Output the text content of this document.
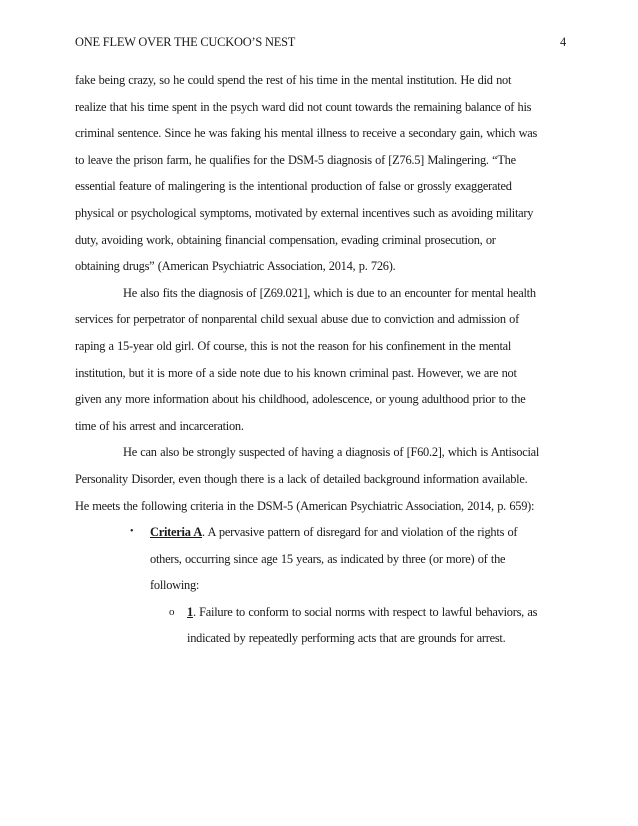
ONE FLEW OVER THE CUCKOO’S NEST	4
fake being crazy, so he could spend the rest of his time in the mental institution. He did not
realize that his time spent in the psych ward did not count towards the remaining balance of his
criminal sentence. Since he was faking his mental illness to receive a secondary gain, which was
to leave the prison farm, he qualifies for the DSM-5 diagnosis of [Z76.5] Malingering. “The
essential feature of malingering is the intentional production of false or grossly exaggerated
physical or psychological symptoms, motivated by external incentives such as avoiding military
duty, avoiding work, obtaining financial compensation, evading criminal prosecution, or
obtaining drugs” (American Psychiatric Association, 2014, p. 726).
He also fits the diagnosis of [Z69.021], which is due to an encounter for mental health
services for perpetrator of nonparental child sexual abuse due to conviction and admission of
raping a 15-year old girl. Of course, this is not the reason for his confinement in the mental
institution, but it is more of a side note due to his known criminal past. However, we are not
given any more information about his childhood, adolescence, or young adulthood prior to the
time of his arrest and incarceration.
He can also be strongly suspected of having a diagnosis of [F60.2], which is Antisocial
Personality Disorder, even though there is a lack of detailed background information available.
He meets the following criteria in the DSM-5 (American Psychiatric Association, 2014, p. 659):
• Criteria A. A pervasive pattern of disregard for and violation of the rights of
others, occurring since age 15 years, as indicated by three (or more) of the
following:
o 1. Failure to conform to social norms with respect to lawful behaviors, as
indicated by repeatedly performing acts that are grounds for arrest.
